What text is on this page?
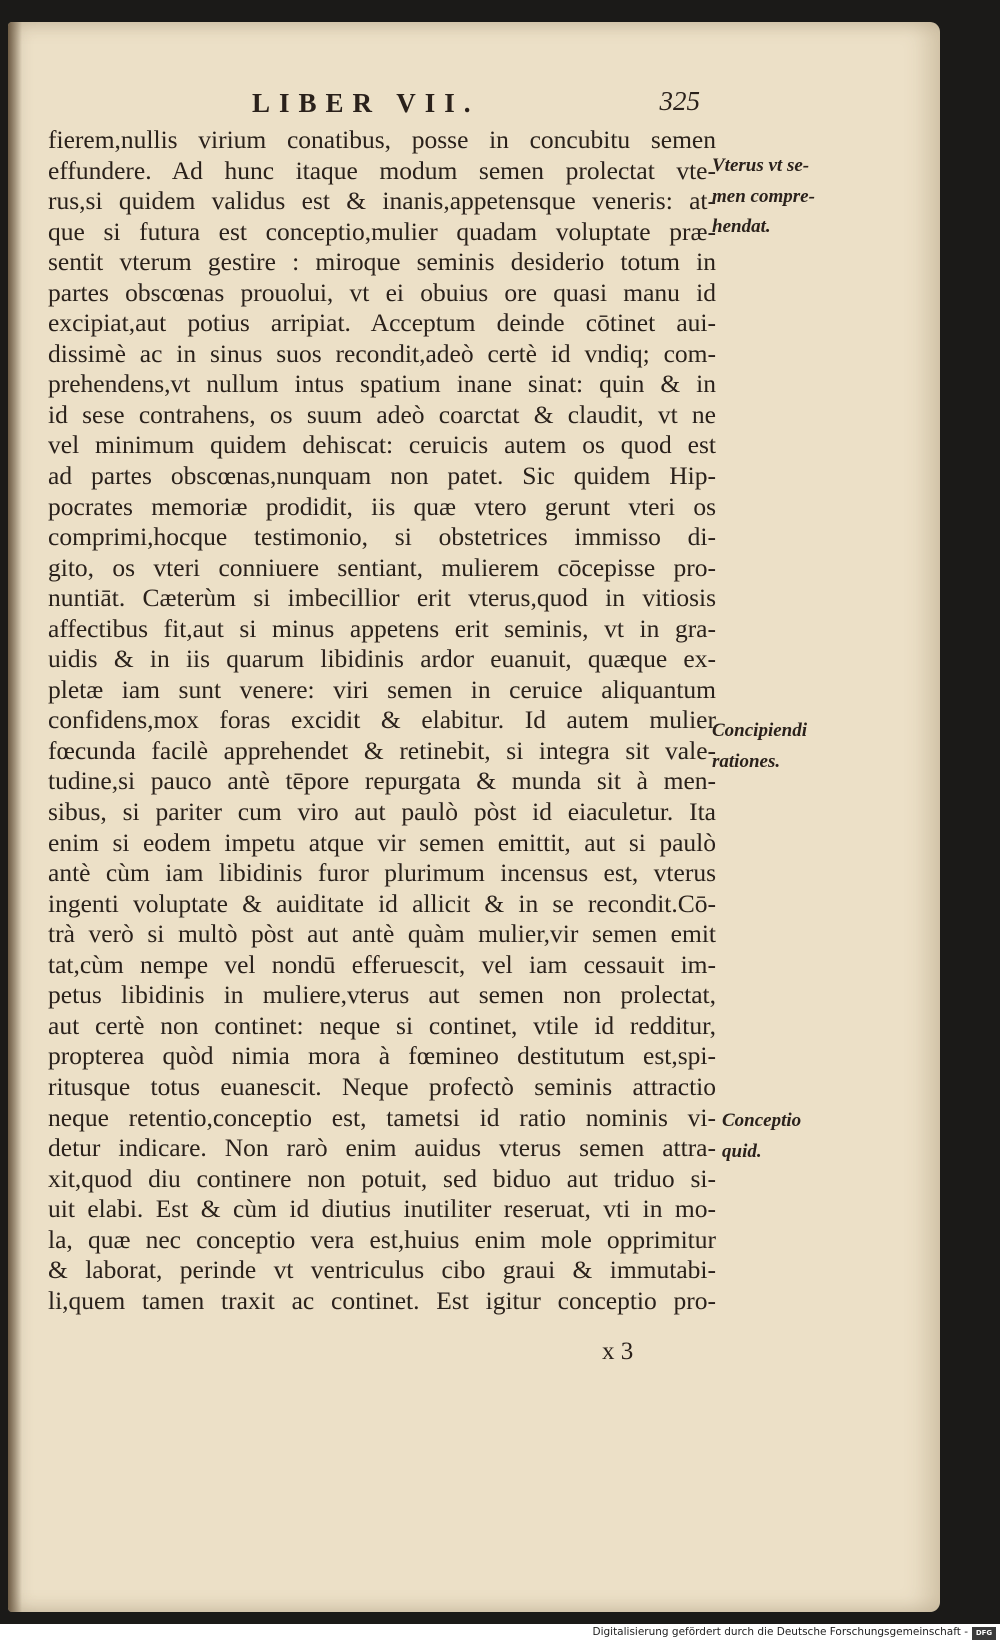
LIBER VII.	325
fierem,nullis virium conatibus, posse in concubitu semen
effundere. Ad hunc itaque modum semen prolectat vte-
rus,si quidem validus est & inanis,appetensque veneris: at-
que si futura est conceptio,mulier quadam voluptate præ-
sentit vterum gestire : miroque seminis desiderio totum in
partes obscœnas prouolui, vt ei obuius ore quasi manu id
excipiat,aut potius arripiat. Acceptum deinde cōtinet aui-
dissimè ac in sinus suos recondit,adeò certè id vndiq; com-
prehendens,vt nullum intus spatium inane sinat: quin & in
id sese contrahens, os suum adeò coarctat & claudit, vt ne
vel minimum quidem dehiscat: ceruicis autem os quod est
ad partes obscœnas,nunquam non patet. Sic quidem Hip-
pocrates memoriæ prodidit, iis quæ vtero gerunt vteri os
comprimi,hocque testimonio, si obstetrices immisso di-
gito, os vteri conniuere sentiant, mulierem cōcepisse pro-
nuntiāt. Cæterùm si imbecillior erit vterus,quod in vitiosis
affectibus fit,aut si minus appetens erit seminis, vt in gra-
uidis & in iis quarum libidinis ardor euanuit, quæque ex-
pletæ iam sunt venere: viri semen in ceruice aliquantum
confidens,mox foras excidit & elabitur. Id autem mulier
fœcunda facilè apprehendet & retinebit, si integra sit vale-
tudine,si pauco antè tēpore repurgata & munda sit à men-
sibus, si pariter cum viro aut paulò pòst id eiaculetur. Ita
enim si eodem impetu atque vir semen emittit, aut si paulò
antè cùm iam libidinis furor plurimum incensus est, vterus
ingenti voluptate & auiditate id allicit & in se recondit.Cō-
trà verò si multò pòst aut antè quàm mulier,vir semen emit
tat,cùm nempe vel nondū efferuescit, vel iam cessauit im-
petus libidinis in muliere,vterus aut semen non prolectat,
aut certè non continet: neque si continet, vtile id redditur,
propterea quòd nimia mora à fœmineo destitutum est,spi-
ritusque totus euanescit. Neque profectò seminis attractio
neque retentio,conceptio est, tametsi id ratio nominis vi-
detur indicare. Non rarò enim auidus vterus semen attra-
xit,quod diu continere non potuit, sed biduo aut triduo si-
uit elabi. Est & cùm id diutius inutiliter reseruat, vti in mo-
la, quæ nec conceptio vera est,huius enim mole opprimitur
& laborat, perinde vt ventriculus cibo graui & immutabi-
li,quem tamen traxit ac continet. Est igitur conceptio pro-
Vterus vt se-
men compre-
hendat.
Concipiendi
rationes.
Conceptio
quid.
x 3
Digitalisierung gefördert durch die Deutsche Forschungsgemeinschaft -	DFG
